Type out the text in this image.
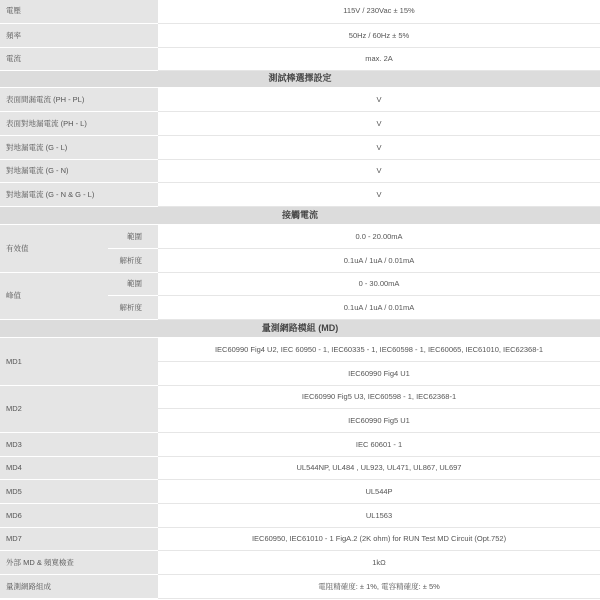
電壓		115V / 230Vac ± 15%
頻率		50Hz / 60Hz ± 5%
電流		max. 2A
測試棒選擇設定		
表面間漏電流 (PH - PL)		V
表面對地漏電流 (PH - L)		V
對地漏電流 (G - L)		V
對地漏電流 (G - N)		V
對地漏電流 (G - N & G - L)		V
接觸電流		
有效值	範圍	0.0 - 20.00mA
	解析度	0.1uA / 1uA / 0.01mA
峰值	範圍	0 - 30.00mA
	解析度	0.1uA / 1uA / 0.01mA
量測網路模組 (MD)		
MD1		IEC60990 Fig4 U2, IEC 60950 - 1, IEC60335 - 1, IEC60598 - 1, IEC60065, IEC61010, IEC62368-1
		IEC60990 Fig4 U1
MD2		IEC60990 Fig5 U3, IEC60598 - 1, IEC62368-1
		IEC60990 Fig5 U1
MD3		IEC 60601 - 1
MD4		UL544NP, UL484 , UL923, UL471, UL867, UL697
MD5		UL544P
MD6		UL1563
MD7		IEC60950, IEC61010 - 1 FigA.2 (2K ohm) for RUN Test MD Circuit (Opt.752)
外部 MD & 頻寬檢查		1kΩ
量測網路組成		電阻精確度: ± 1%, 電容精確度: ± 5%
